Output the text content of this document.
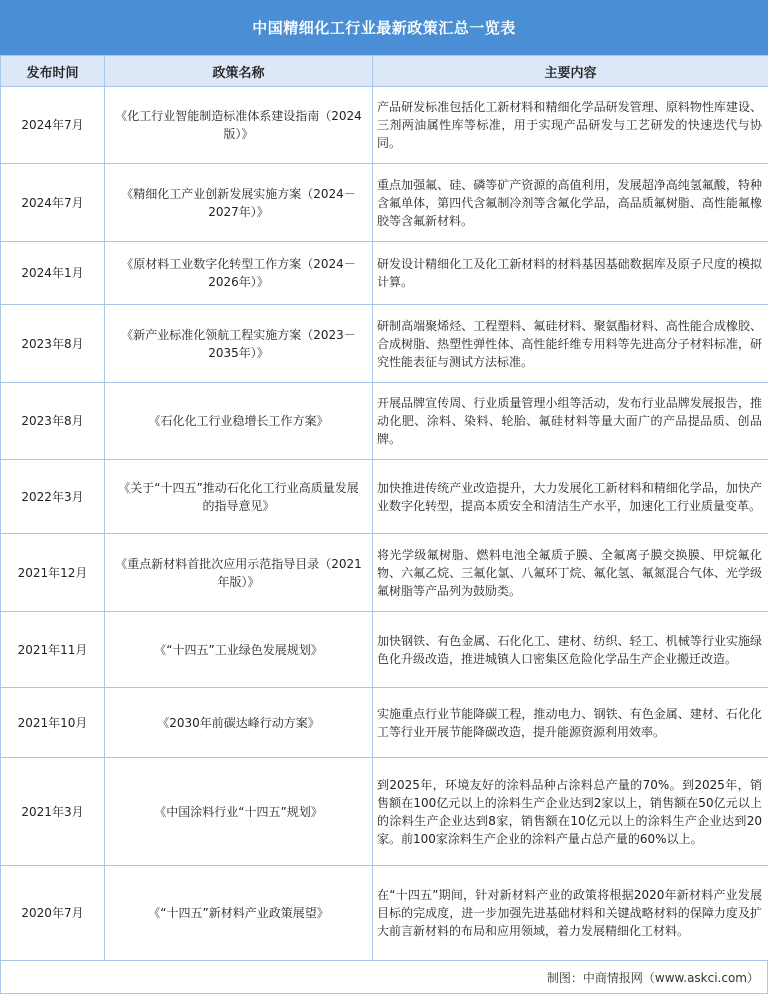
中国精细化工行业最新政策汇总一览表
发布时间	政策名称	主要内容
2024年7月	《化工行业智能制造标准体系建设指南（2024版）》	产品研发标准包括化工新材料和精细化学品研发管理、原料物性库建设、三剂两油属性库等标准，用于实现产品研发与工艺研发的快速迭代与协同。
2024年7月	《精细化工产业创新发展实施方案（2024－2027年）》	重点加强氟、硅、磷等矿产资源的高值利用，发展超净高纯氢氟酸，特种含氟单体，第四代含氟制冷剂等含氟化学品，高品质氟树脂、高性能氟橡胶等含氟新材料。
2024年1月	《原材料工业数字化转型工作方案（2024－2026年）》	研发设计精细化工及化工新材料的材料基因基础数据库及原子尺度的模拟计算。
2023年8月	《新产业标准化领航工程实施方案（2023－2035年）》	研制高端聚烯烃、工程塑料、氟硅材料、聚氨酯材料、高性能合成橡胶、合成树脂、热塑性弹性体、高性能纤维专用料等先进高分子材料标准，研究性能表征与测试方法标准。
2023年8月	《石化化工行业稳增长工作方案》	开展品牌宣传周、行业质量管理小组等活动，发布行业品牌发展报告，推动化肥、涂料、染料、轮胎、氟硅材料等量大面广的产品提品质、创品牌。
2022年3月	《关于“十四五”推动石化化工行业高质量发展的指导意见》	加快推进传统产业改造提升，大力发展化工新材料和精细化学品，加快产业数字化转型，提高本质安全和清洁生产水平，加速化工行业质量变革。
2021年12月	《重点新材料首批次应用示范指导目录（2021年版）》	将光学级氟树脂、燃料电池全氟质子膜、全氟离子膜交换膜、甲烷氟化物、六氟乙烷、三氟化氯、八氟环丁烷、氟化氢、氟氮混合气体、光学级氟树脂等产品列为鼓励类。
2021年11月	《“十四五”工业绿色发展规划》	加快钢铁、有色金属、石化化工、建材、纺织、轻工、机械等行业实施绿色化升级改造，推进城镇人口密集区危险化学品生产企业搬迁改造。
2021年10月	《2030年前碳达峰行动方案》	实施重点行业节能降碳工程，推动电力、钢铁、有色金属、建材、石化化工等行业开展节能降碳改造，提升能源资源利用效率。
2021年3月	《中国涂料行业“十四五”规划》	到2025年，环境友好的涂料品种占涂料总产量的70%。到2025年，销售额在100亿元以上的涂料生产企业达到2家以上，销售额在50亿元以上的涂料生产企业达到8家，销售额在10亿元以上的涂料生产企业达到20家。前100家涂料生产企业的涂料产量占总产量的60%以上。
2020年7月	《“十四五”新材料产业政策展望》	在“十四五”期间，针对新材料产业的政策将根据2020年新材料产业发展目标的完成度，进一步加强先进基础材料和关键战略材料的保障力度及扩大前言新材料的布局和应用领域，着力发展精细化工材料。
制图：中商情报网（www.askci.com）
